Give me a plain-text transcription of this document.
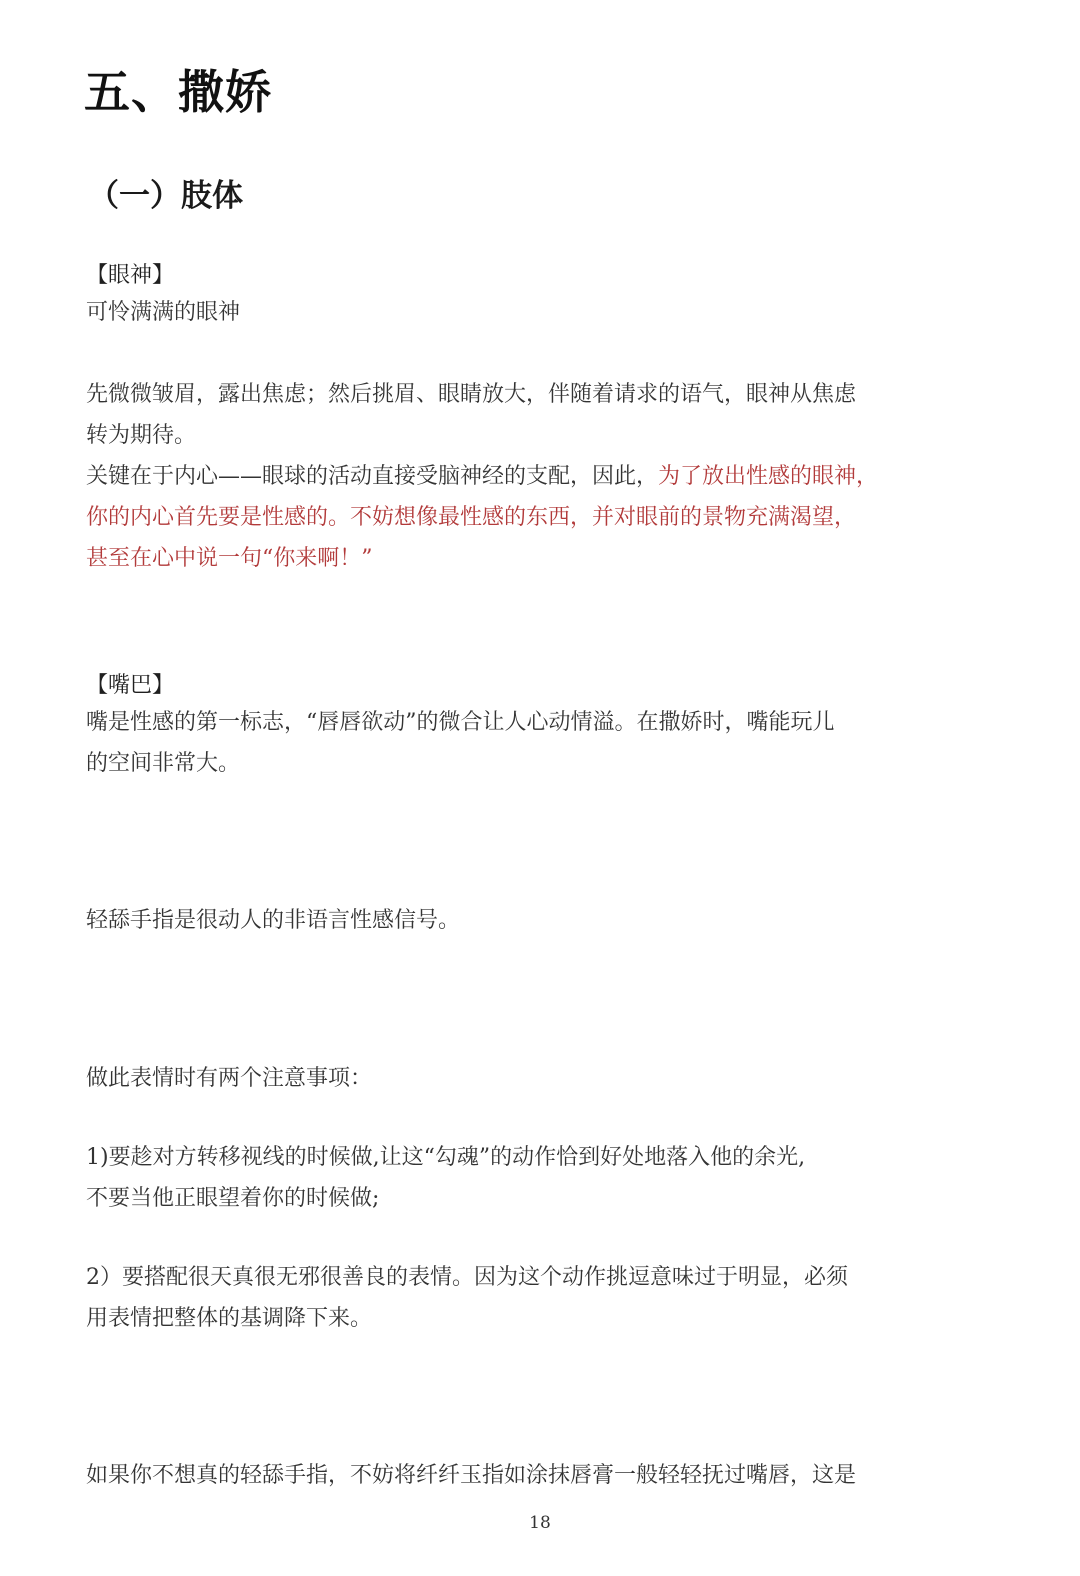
五、撒娇
（一）肢体
【眼神】
可怜满满的眼神
先微微皱眉，露出焦虑；然后挑眉、眼睛放大，伴随着请求的语气，眼神从焦虑
转为期待。
关键在于内心——眼球的活动直接受脑神经的支配，因此，为了放出性感的眼神，
你的内心首先要是性感的。不妨想像最性感的东西，并对眼前的景物充满渴望，
甚至在心中说一句“你来啊！”
【嘴巴】
嘴是性感的第一标志，“唇唇欲动”的微合让人心动情溢。在撒娇时，嘴能玩儿
的空间非常大。
轻舔手指是很动人的非语言性感信号。
做此表情时有两个注意事项：
1)要趁对方转移视线的时候做,让这“勾魂”的动作恰到好处地落入他的余光,
不要当他正眼望着你的时候做;
2）要搭配很天真很无邪很善良的表情。因为这个动作挑逗意味过于明显，必须
用表情把整体的基调降下来。
如果你不想真的轻舔手指，不妨将纤纤玉指如涂抹唇膏一般轻轻抚过嘴唇，这是
18
